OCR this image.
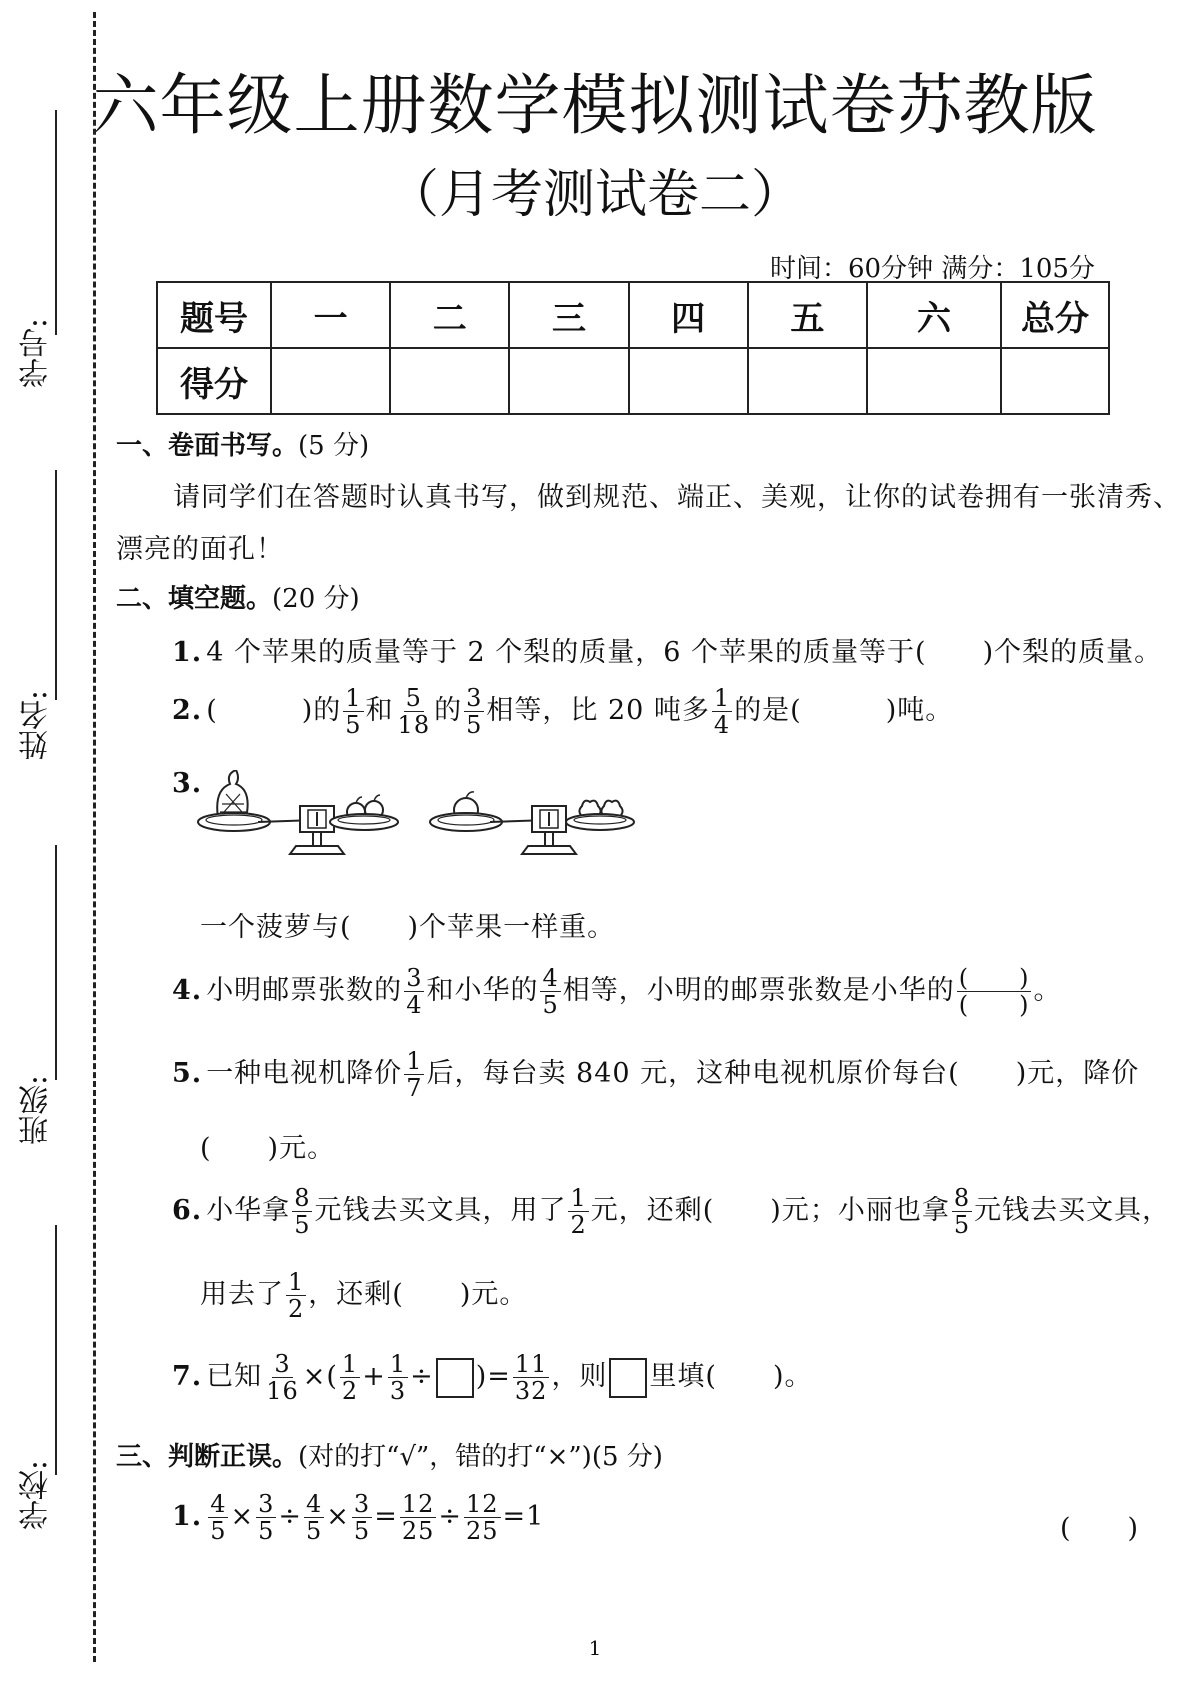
学号:
姓名:
班级:
学校:
六年级上册数学模拟测试卷苏教版
（月考测试卷二）
时间：60分钟 满分：105分
题号	一	二	三	四	五	六	总分
得分							
一、卷面书写。(5 分)
请同学们在答题时认真书写，做到规范、端正、美观，让你的试卷拥有一张清秀、
漂亮的面孔！
二、填空题。(20 分)
1. 4 个苹果的质量等于 2 个梨的质量，6 个苹果的质量等于(　　)个梨的质量。
2. (　　　)的 $\frac{1}{5}$ 和 $\frac{5}{18}$ 的 $\frac{3}{5}$ 相等，比 20 吨多 $\frac{1}{4}$ 的是(　　　)吨。
3.
一个菠萝与(　　)个苹果一样重。
4. 小明邮票张数的 $\frac{3}{4}$ 和小华的 $\frac{4}{5}$ 相等，小明的邮票张数是小华的 $\frac{( )}{( )}$ 。
5. 一种电视机降价 $\frac{1}{7}$ 后，每台卖 840 元，这种电视机原价每台(　　)元，降价
(　　)元。
6. 小华拿 $\frac{8}{5}$ 元钱去买文具，用了 $\frac{1}{2}$ 元，还剩(　　)元；小丽也拿 $\frac{8}{5}$ 元钱去买文具，
用去了 $\frac{1}{2}$ ，还剩(　　)元。
7. 已知 $\frac{3}{16}$ ×( $\frac{1}{2} + \frac{1}{3}$ ÷ )= $\frac{11}{32}$ ，则 里填(　　)。
三、判断正误。(对的打“√”，错的打“×”)(5 分)
1. $\frac{4}{5} \times \frac{3}{5} \div \frac{4}{5} \times \frac{3}{5} = \frac{12}{25} \div \frac{12}{25} =1$	(　　)
1
